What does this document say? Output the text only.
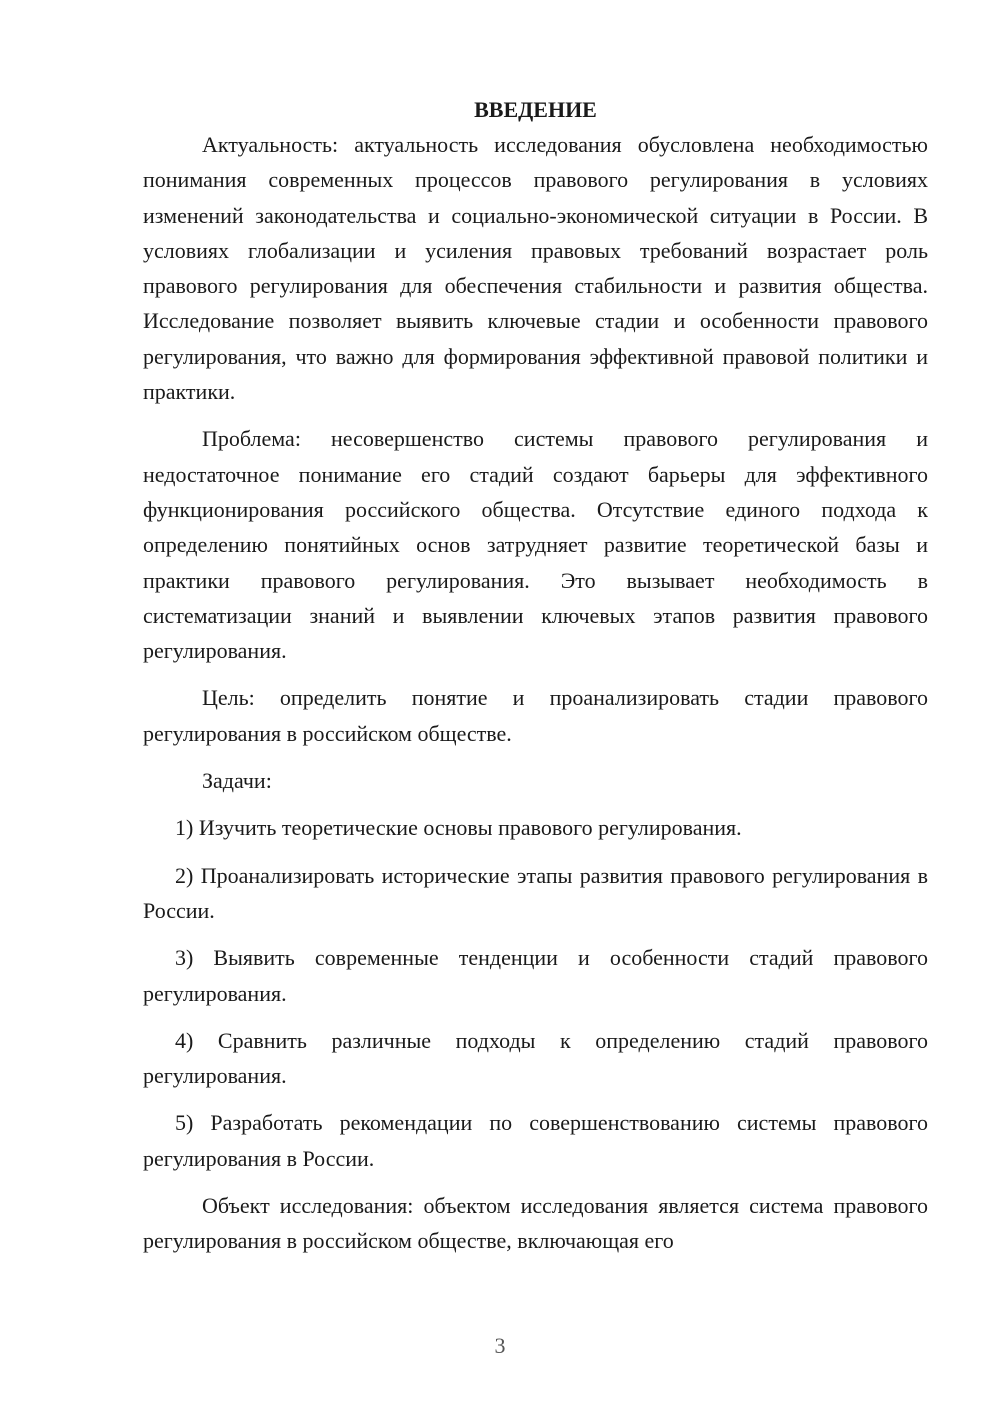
ВВЕДЕНИЕ

Актуальность: актуальность исследования обусловлена необходимостью понимания современных процессов правового регулирования в условиях изменений законодательства и социально-экономической ситуации в России. В условиях глобализации и усиления правовых требований возрастает роль правового регулирования для обеспечения стабильности и развития общества. Исследование позволяет выявить ключевые стадии и особенности правового регулирования, что важно для формирования эффективной правовой политики и практики.

Проблема: несовершенство системы правового регулирования и недостаточное понимание его стадий создают барьеры для эффективного функционирования российского общества. Отсутствие единого подхода к определению понятийных основ затрудняет развитие теоретической базы и практики правового регулирования. Это вызывает необходимость в систематизации знаний и выявлении ключевых этапов развития правового регулирования.

Цель: определить понятие и проанализировать стадии правового регулирования в российском обществе.

Задачи:

1) Изучить теоретические основы правового регулирования.

2) Проанализировать исторические этапы развития правового регулирования в России.

3) Выявить современные тенденции и особенности стадий правового регулирования.

4) Сравнить различные подходы к определению стадий правового регулирования.

5) Разработать рекомендации по совершенствованию системы правового регулирования в России.

Объект исследования: объектом исследования является система правового регулирования в российском обществе, включающая его

3
